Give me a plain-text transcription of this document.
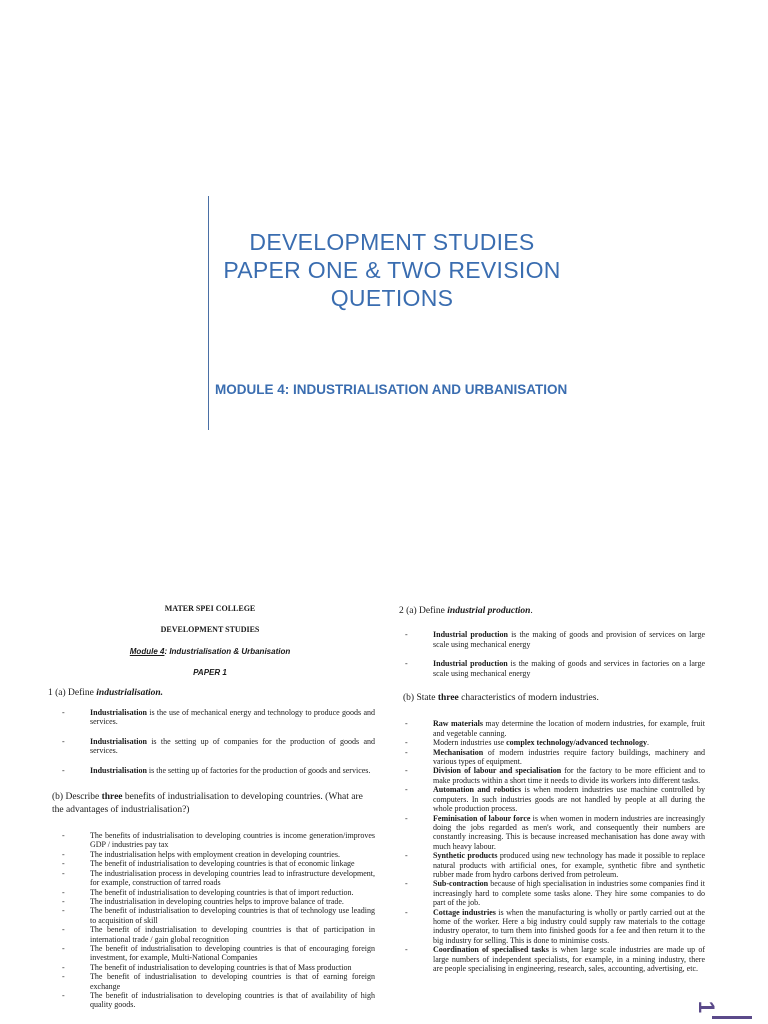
DEVELOPMENT STUDIES
PAPER ONE & TWO REVISION
QUETIONS
MODULE 4: INDUSTRIALISATION AND URBANISATION
MATER SPEI COLLEGE
DEVELOPMENT STUDIES
Module 4: Industrialisation & Urbanisation
PAPER 1

1 (a) Define industrialisation.

-	Industrialisation is the use of mechanical energy and technology to produce goods and services.
-	Industrialisation is the setting up of companies for the production of goods and services.
-	Industrialisation is the setting up of factories for the production of goods and services.

(b) Describe three benefits of industrialisation to developing countries. (What are the advantages of industrialisation?)

-	The benefits of industrialisation to developing countries is income generation/improves GDP / industries pay tax
-	The industrialisation helps with employment creation in developing countries.
-	The benefit of industrialisation to developing countries is that of economic linkage
-	The industrialisation process in developing countries lead to infrastructure development, for example, construction of tarred roads
-	The benefit of industrialisation to developing countries is that of import reduction.
-	The industrialisation in developing countries helps to improve balance of trade.
-	The benefit of industrialisation to developing countries is that of technology use leading to acquisition of skill
-	The benefit of industrialisation to developing countries is that of participation in international trade / gain global recognition
-	The benefit of industrialisation to developing countries is that of encouraging foreign investment, for example, Multi-National Companies
-	The benefit of industrialisation to developing countries is that of Mass production
-	The benefit of industrialisation to developing countries is that of earning foreign exchange
-	The benefit of industrialisation to developing countries is that of availability of high quality goods.

2 (a) Define industrial production.

-	Industrial production is the making of goods and provision of services on large scale using mechanical energy
-	Industrial production is the making of goods and services in factories on a large scale using mechanical energy

(b) State three characteristics of modern industries.

-	Raw materials may determine the location of modern industries, for example, fruit and vegetable canning.
-	Modern industries use complex technology/advanced technology.
-	Mechanisation of modern industries require factory buildings, machinery and various types of equipment.
-	Division of labour and specialisation for the factory to be more efficient and to make products within a short time it needs to divide its workers into different tasks.
-	Automation and robotics is when modern industries use machine controlled by computers. In such industries goods are not handled by people at all during the whole production process.
-	Feminisation of labour force is when women in modern industries are increasingly doing the jobs regarded as men's work, and consequently their numbers are constantly increasing. This is because increased mechanisation has done away with much heavy labour.
-	Synthetic products produced using new technology has made it possible to replace natural products with artificial ones, for example, synthetic fibre and synthetic rubber made from hydro carbons derived from petroleum.
-	Sub-contraction because of high specialisation in industries some companies find it increasingly hard to complete some tasks alone. They hire some companies to do part of the job.
-	Cottage industries is when the manufacturing is wholly or partly carried out at the home of the worker. Here a big industry could supply raw materials to the cottage industry operator, to turn them into finished goods for a fee and then return it to the big industry for selling. This is done to minimise costs.
-	Coordination of specialised tasks is when large scale industries are made up of large numbers of independent specialists, for example, in a mining industry, there are people specialising in engineering, research, sales, accounting, advertising, etc.
1
